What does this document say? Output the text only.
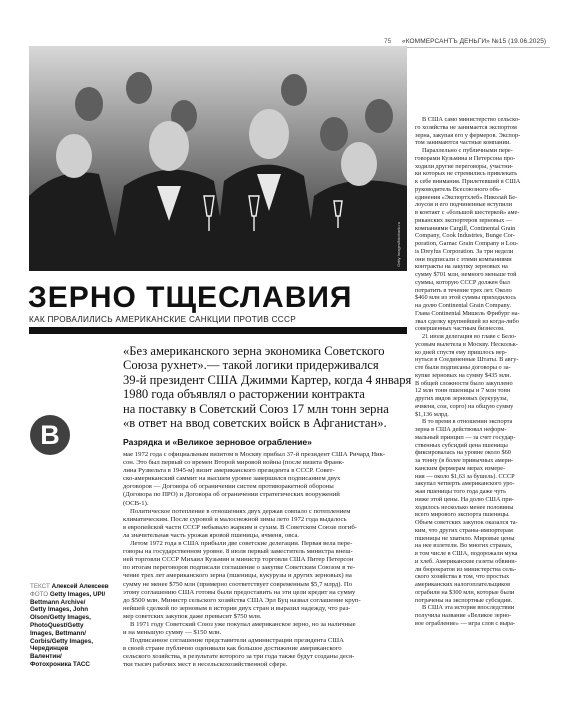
75 «КОММЕРСАНТЪ ДЕНЬГИ» №15 (19.06.2025)
Getty Images/fotobank.ru
ЗЕРНО ТЩЕСЛАВИЯ
КАК ПРОВАЛИЛИСЬ АМЕРИКАНСКИЕ САНКЦИИ ПРОТИВ СССР
«Без американского зерна экономика Советского
Союза рухнет».— такой логики придерживался
39-й президент США Джимми Картер, когда 4 января
1980 года объявлял о расторжении контракта
на поставку в Советский Союз 17 млн тонн зерна
«в ответ на ввод советских войск в Афганистан».
В	Разрядка и «Великое зерновое ограбление»
мае 1972 года с официальным визитом в Москву прибыл 37-й президент США Ричард Ник-
сон. Это был первый со времен Второй мировой войны (после визита Франк-
лина Рузвельта в 1945-м) визит американского президента в СССР. Совет-
ско-американский саммит на высшем уровне завершился подписанием двух
договоров — Договора об ограничении систем противоракетной обороны
(Договора по ПРО) и Договора об ограничении стратегических вооружений
(ОСВ-1).
Политическое потепление в отношениях двух держав совпало с потеплением
климатическим. После суровой и малоснежной зимы лето 1972 года выдалось
в европейской части СССР небывало жарким и сухим. В Советском Союзе погиб-
ла значительная часть урожая яровой пшеницы, ячменя, овса.
Летом 1972 года в США прибыли две советские делегации. Первая вела пере-
говоры на государственном уровне. 8 июля первый заместитель министра внеш-
ней торговли СССР Михаил Кузьмин и министр торговли США Питер Петерсон
по итогам переговоров подписали соглашение о закупке Советским Союзом в те-
чение трех лет американского зерна (пшеницы, кукурузы и других зерновых) на
сумму не менее $750 млн (примерно соответствует современным $5,7 млрд). По
этому соглашению США готовы были предоставить на эти цели кредит на сумму
до $500 млн. Министр сельского хозяйства США Эрл Буц назвал соглашение круп-
нейшей сделкой по зерновым в истории двух стран и выразил надежду, что раз-
мер советских закупок даже превысит $750 млн.
В 1971 году Советский Союз уже покупал американское зерно, но за наличные
и на меньшую сумму — $150 млн.
Подписанное соглашение представители администрации президента США
в своей стране публично оценивали как большое достижение американского
сельского хозяйства, в результате которого за три года также будут созданы деся-
тки тысяч рабочих мест в несельскохозяйственной сфере.
ТЕКСТ Алексей Алексеев
ФОТО Getty Images, UPI/
Bettmann Archive/
Getty Images, John
Olson/Getty Images,
PhotoQuest/Getty
Images, Bettmann/
Corbis/Getty Images,
Черединцев
Валентин/
Фотохроника ТАСС
В США само министерство сельско-
го хозяйства не занимается экспортом
зерна, закупая его у фермеров. Экспор-
том занимаются частные компании.
Параллельно с публичными пере-
говорами Кузьмина и Петерсона про-
ходили другие переговоры, участни-
ки которых не стремились привлекать
к себе внимания. Прилетевший в США
руководитель Всесоюзного объ-
единения «Экспортхлеб» Николай Бе-
лоусов и его подчиненные вступили
в контакт с «большой шестеркой» аме-
риканских экспортеров зерновых —
компаниями Cargill, Continental Grain
Company, Cook Industries, Bunge Cor-
poration, Garnac Grain Company и Lou-
is Dreyfus Corporation. За три недели
они подписали с этими компаниями
контракты на закупку зерновых на
сумму $701 млн, немного меньше той
суммы, которую СССР должен был
потратить в течение трех лет. Около
$460 млн из этой суммы приходилось
на долю Continental Grain Company.
Глава Continental Мишель Фрибург на-
звал сделку крупнейшей из когда-либо
совершенных частным бизнесом.
21 июля делегация во главе с Бело-
усовым вылетела в Москву. Нескольк-
ко дней спустя ему пришлось вер-
нуться в Соединенные Штаты. В авгу-
сте были подписаны договоры о за-
купке зерновых на сумму $435 млн.
В общей сложности было закуплено
12 млн тонн пшеницы и 7 млн тонн
других видов зерновых (кукурузы,
ячменя, сои, сорго) на общую сумму
$1,136 млрд.
В то время в отношении экспорта
зерна в США действовал неформ-
мальный принцип — за счет государ-
ственных субсидий цена пшеницы
фиксировалась на уровне около $60
за тонну (в более привычных амери-
канским фермерам мерах измере-
ния — около $1,63 за бушель). СССР
закупал четверть американского уро-
жая пшеницы того года даже чуть
ниже этой цены. На долю США при-
ходилось несколько менее половины
всего мирового экспорта пшеницы.
Объем советских закупок оказался та-
ким, что других страны-импортерам
пшеницы не хватило. Мировые цены
на нее взлетели. Во многих странах,
в том числе в США, подорожали мука
и хлеб. Американские газеты обвини-
ли бюрократов из министерства сель-
ского хозяйства в том, что простых
американских налогоплательщиков
ограбили на $300 млн, которые были
потрачены на экспортные субсидии.
В США эта история впоследствии
получила название «Великое зерно-
вое ограбление» — игра слов с выра-
